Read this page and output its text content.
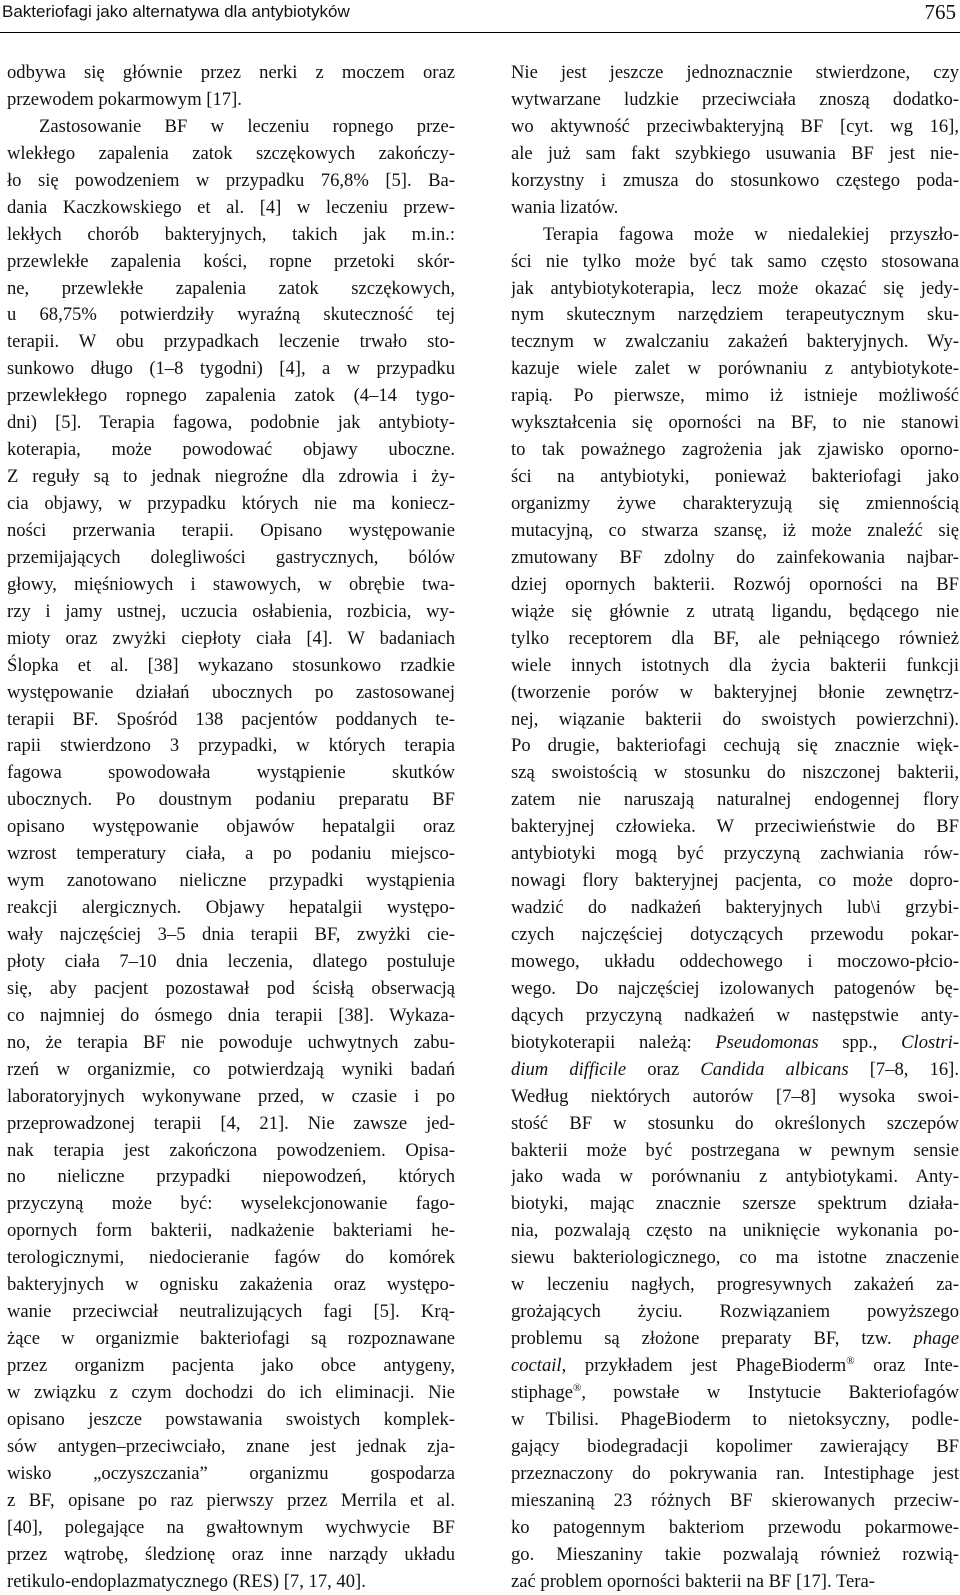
Bakteriofagi jako alternatywa dla antybiotyków	765
odbywa się głównie przez nerki z moczem oraz
przewodem pokarmowym [17].
Zastosowanie BF w leczeniu ropnego prze-
wlekłego zapalenia zatok szczękowych zakończy-
ło się powodzeniem w przypadku 76,8% [5]. Ba-
dania Kaczkowskiego et al. [4] w leczeniu przew-
lekłych chorób bakteryjnych, takich jak m.in.:
przewlekłe zapalenia kości, ropne przetoki skór-
ne, przewlekłe zapalenia zatok szczękowych,
u 68,75% potwierdziły wyraźną skuteczność tej
terapii. W obu przypadkach leczenie trwało sto-
sunkowo długo (1–8 tygodni) [4], a w przypadku
przewlekłego ropnego zapalenia zatok (4–14 tygo-
dni) [5]. Terapia fagowa, podobnie jak antybioty-
koterapia, może powodować objawy uboczne.
Z reguły są to jednak niegroźne dla zdrowia i ży-
cia objawy, w przypadku których nie ma koniecz-
ności przerwania terapii. Opisano występowanie
przemijających dolegliwości gastrycznych, bólów
głowy, mięśniowych i stawowych, w obrębie twa-
rzy i jamy ustnej, uczucia osłabienia, rozbicia, wy-
mioty oraz zwyżki ciepłoty ciała [4]. W badaniach
Ślopka et al. [38] wykazano stosunkowo rzadkie
występowanie działań ubocznych po zastosowanej
terapii BF. Spośród 138 pacjentów poddanych te-
rapii stwierdzono 3 przypadki, w których terapia
fagowa spowodowała wystąpienie skutków
ubocznych. Po doustnym podaniu preparatu BF
opisano występowanie objawów hepatalgii oraz
wzrost temperatury ciała, a po podaniu miejsco-
wym zanotowano nieliczne przypadki wystąpienia
reakcji alergicznych. Objawy hepatalgii występo-
wały najczęściej 3–5 dnia terapii BF, zwyżki cie-
płoty ciała 7–10 dnia leczenia, dlatego postuluje
się, aby pacjent pozostawał pod ścisłą obserwacją
co najmniej do ósmego dnia terapii [38]. Wykaza-
no, że terapia BF nie powoduje uchwytnych zabu-
rzeń w organizmie, co potwierdzają wyniki badań
laboratoryjnych wykonywane przed, w czasie i po
przeprowadzonej terapii [4, 21]. Nie zawsze jed-
nak terapia jest zakończona powodzeniem. Opisa-
no nieliczne przypadki niepowodzeń, których
przyczyną może być: wyselekcjonowanie fago-
opornych form bakterii, nadkażenie bakteriami he-
terologicznymi, niedocieranie fagów do komórek
bakteryjnych w ognisku zakażenia oraz występo-
wanie przeciwciał neutralizujących fagi [5]. Krą-
żące w organizmie bakteriofagi są rozpoznawane
przez organizm pacjenta jako obce antygeny,
w związku z czym dochodzi do ich eliminacji. Nie
opisano jeszcze powstawania swoistych komplek-
sów antygen–przeciwciało, znane jest jednak zja-
wisko „oczyszczania” organizmu gospodarza
z BF, opisane po raz pierwszy przez Merrila et al.
[40], polegające na gwałtownym wychwycie BF
przez wątrobę, śledzionę oraz inne narządy układu
retikulo-endoplazmatycznego (RES) [7, 17, 40].
Nie jest jeszcze jednoznacznie stwierdzone, czy
wytwarzane ludzkie przeciwciała znoszą dodatko-
wo aktywność przeciwbakteryjną BF [cyt. wg 16],
ale już sam fakt szybkiego usuwania BF jest nie-
korzystny i zmusza do stosunkowo częstego poda-
wania lizatów.
Terapia fagowa może w niedalekiej przyszło-
ści nie tylko może być tak samo często stosowana
jak antybiotykoterapia, lecz może okazać się jedy-
nym skutecznym narzędziem terapeutycznym sku-
tecznym w zwalczaniu zakażeń bakteryjnych. Wy-
kazuje wiele zalet w porównaniu z antybiotykote-
rapią. Po pierwsze, mimo iż istnieje możliwość
wykształcenia się oporności na BF, to nie stanowi
to tak poważnego zagrożenia jak zjawisko oporno-
ści na antybiotyki, ponieważ bakteriofagi jako
organizmy żywe charakteryzują się zmiennością
mutacyjną, co stwarza szansę, iż może znaleźć się
zmutowany BF zdolny do zainfekowania najbar-
dziej opornych bakterii. Rozwój oporności na BF
wiąże się głównie z utratą ligandu, będącego nie
tylko receptorem dla BF, ale pełniącego również
wiele innych istotnych dla życia bakterii funkcji
(tworzenie porów w bakteryjnej błonie zewnętrz-
nej, wiązanie bakterii do swoistych powierzchni).
Po drugie, bakteriofagi cechują się znacznie więk-
szą swoistością w stosunku do niszczonej bakterii,
zatem nie naruszają naturalnej endogennej flory
bakteryjnej człowieka. W przeciwieństwie do BF
antybiotyki mogą być przyczyną zachwiania rów-
nowagi flory bakteryjnej pacjenta, co może dopro-
wadzić do nadkażeń bakteryjnych lub\i grzybi-
czych najczęściej dotyczących przewodu pokar-
mowego, układu oddechowego i moczowo-płcio-
wego. Do najczęściej izolowanych patogenów bę-
dących przyczyną nadkażeń w następstwie anty-
biotykoterapii należą: Pseudomonas spp., Clostri-
dium difficile oraz Candida albicans [7–8, 16].
Według niektórych autorów [7–8] wysoka swoi-
stość BF w stosunku do określonych szczepów
bakterii może być postrzegana w pewnym sensie
jako wada w porównaniu z antybiotykami. Anty-
biotyki, mając znacznie szersze spektrum działa-
nia, pozwalają często na uniknięcie wykonania po-
siewu bakteriologicznego, co ma istotne znaczenie
w leczeniu nagłych, progresywnych zakażeń za-
grożających życiu. Rozwiązaniem powyższego
problemu są złożone preparaty BF, tzw. phage
coctail, przykładem jest PhageBioderm® oraz Inte-
stiphage®, powstałe w Instytucie Bakteriofagów
w Tbilisi. PhageBioderm to nietoksyczny, podle-
gający biodegradacji kopolimer zawierający BF
przeznaczony do pokrywania ran. Intestiphage jest
mieszaniną 23 różnych BF skierowanych przeciw-
ko patogennym bakteriom przewodu pokarmowe-
go. Mieszaniny takie pozwalają również rozwią-
zać problem oporności bakterii na BF [17]. Tera-
